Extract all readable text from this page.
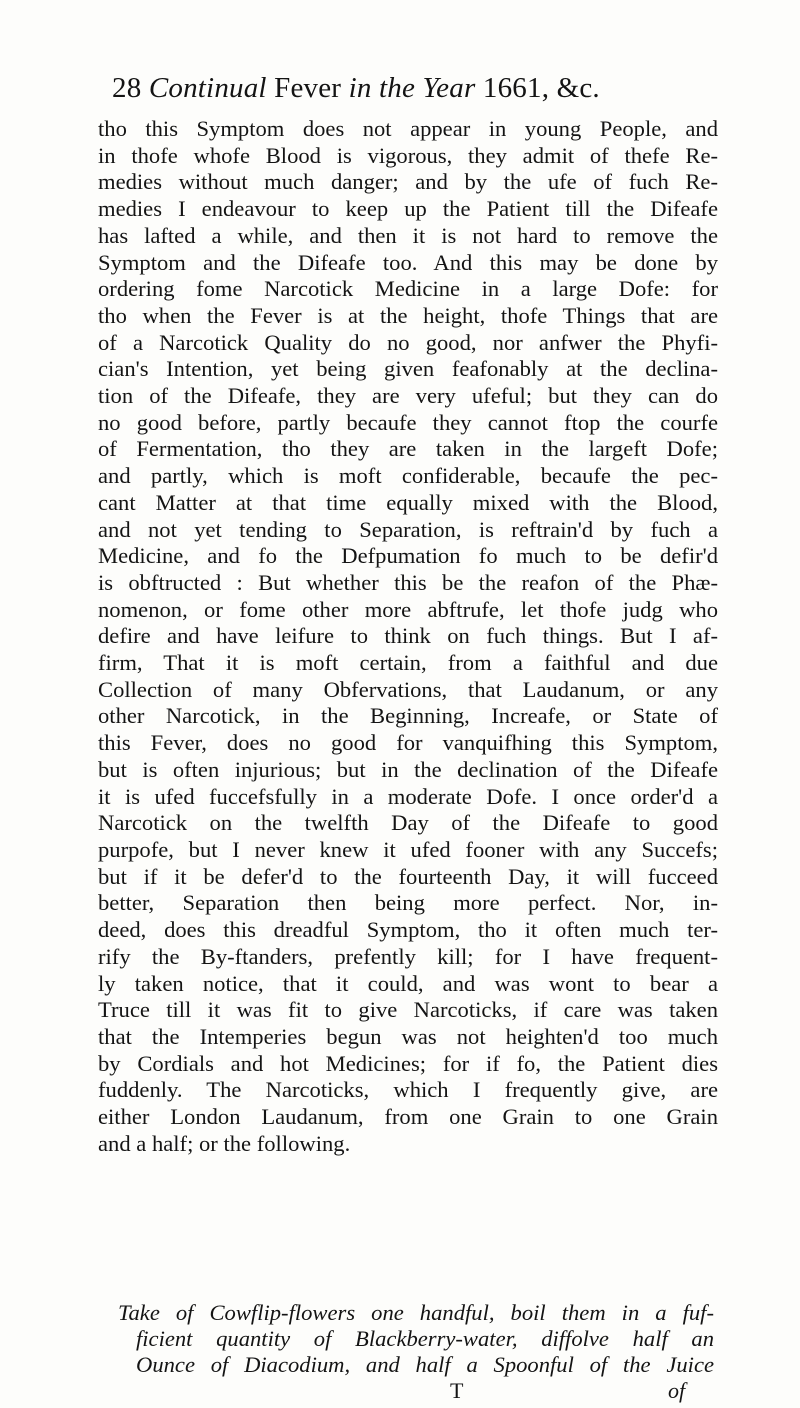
28 Continual Fever in the Year 1661, &c.
tho this Symptom does not appear in young People, and
in thofe whofe Blood is vigorous, they admit of thefe Re-
medies without much danger; and by the ufe of fuch Re-
medies I endeavour to keep up the Patient till the Difeafe
has lafted a while, and then it is not hard to remove the
Symptom and the Difeafe too. And this may be done by
ordering fome Narcotick Medicine in a large Dofe: for
tho when the Fever is at the height, thofe Things that are
of a Narcotick Quality do no good, nor anfwer the Phyfi-
cian's Intention, yet being given feafonably at the declina-
tion of the Difeafe, they are very ufeful; but they can do
no good before, partly becaufe they cannot ftop the courfe
of Fermentation, tho they are taken in the largeft Dofe;
and partly, which is moft confiderable, becaufe the pec-
cant Matter at that time equally mixed with the Blood,
and not yet tending to Separation, is reftrain'd by fuch a
Medicine, and fo the Defpumation fo much to be defir'd
is obftructed : But whether this be the reafon of the Phæ-
nomenon, or fome other more abftrufe, let thofe judg who
defire and have leifure to think on fuch things. But I af-
firm, That it is moft certain, from a faithful and due
Collection of many Obfervations, that Laudanum, or any
other Narcotick, in the Beginning, Increafe, or State of
this Fever, does no good for vanquifhing this Symptom,
but is often injurious; but in the declination of the Difeafe
it is ufed fuccefsfully in a moderate Dofe. I once order'd a
Narcotick on the twelfth Day of the Difeafe to good
purpofe, but I never knew it ufed fooner with any Succefs;
but if it be defer'd to the fourteenth Day, it will fucceed
better, Separation then being more perfect. Nor, in-
deed, does this dreadful Symptom, tho it often much ter-
rify the By-ftanders, prefently kill; for I have frequent-
ly taken notice, that it could, and was wont to bear a
Truce till it was fit to give Narcoticks, if care was taken
that the Intemperies begun was not heighten'd too much
by Cordials and hot Medicines; for if fo, the Patient dies
fuddenly. The Narcoticks, which I frequently give, are
either London Laudanum, from one Grain to one Grain
and a half; or the following.
Take of Cowflip-flowers one handful, boil them in a fuf-
ficient quantity of Blackberry-water, diffolve half an
Ounce of Diacodium, and half a Spoonful of the Juice
T	of
